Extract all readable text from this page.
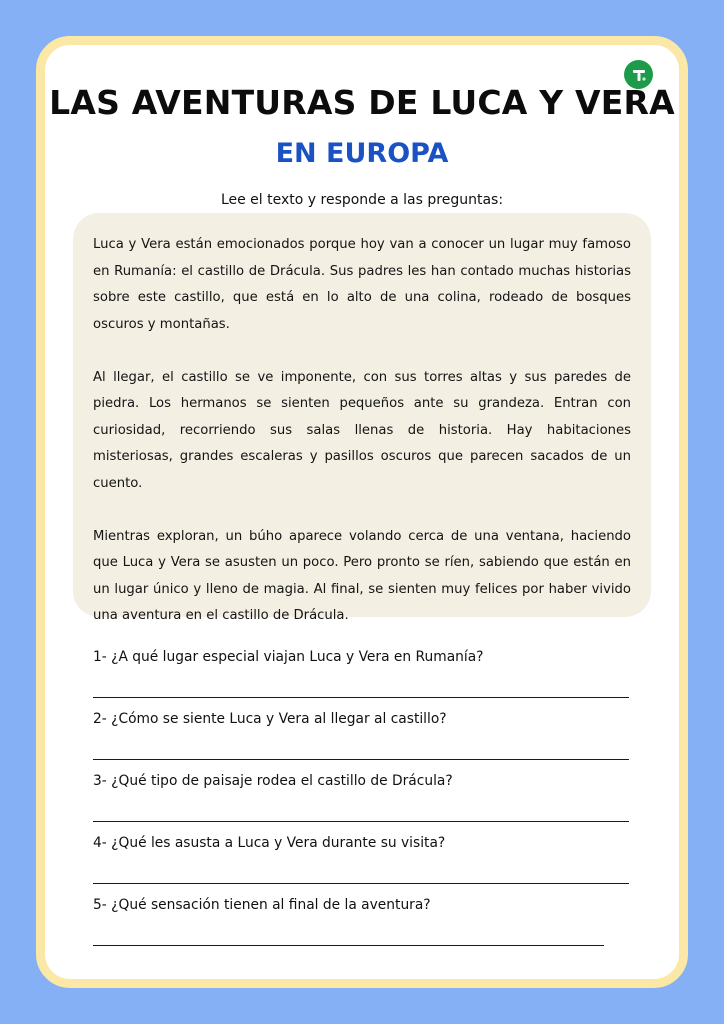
LAS AVENTURAS DE LUCA Y VERA
EN EUROPA
Lee el texto y responde a las preguntas:

Luca y Vera están emocionados porque hoy van a conocer un lugar muy famoso en Rumanía: el castillo de Drácula. Sus padres les han contado muchas historias sobre este castillo, que está en lo alto de una colina, rodeado de bosques oscuros y montañas.

Al llegar, el castillo se ve imponente, con sus torres altas y sus paredes de piedra. Los hermanos se sienten pequeños ante su grandeza. Entran con curiosidad, recorriendo sus salas llenas de historia. Hay habitaciones misteriosas, grandes escaleras y pasillos oscuros que parecen sacados de un cuento.

Mientras exploran, un búho aparece volando cerca de una ventana, haciendo que Luca y Vera se asusten un poco. Pero pronto se ríen, sabiendo que están en un lugar único y lleno de magia. Al final, se sienten muy felices por haber vivido una aventura en el castillo de Drácula.

1- ¿A qué lugar especial viajan Luca y Vera en Rumanía?
2- ¿Cómo se siente Luca y Vera al llegar al castillo?
3- ¿Qué tipo de paisaje rodea el castillo de Drácula?
4- ¿Qué les asusta a Luca y Vera durante su visita?
5- ¿Qué sensación tienen al final de la aventura?
